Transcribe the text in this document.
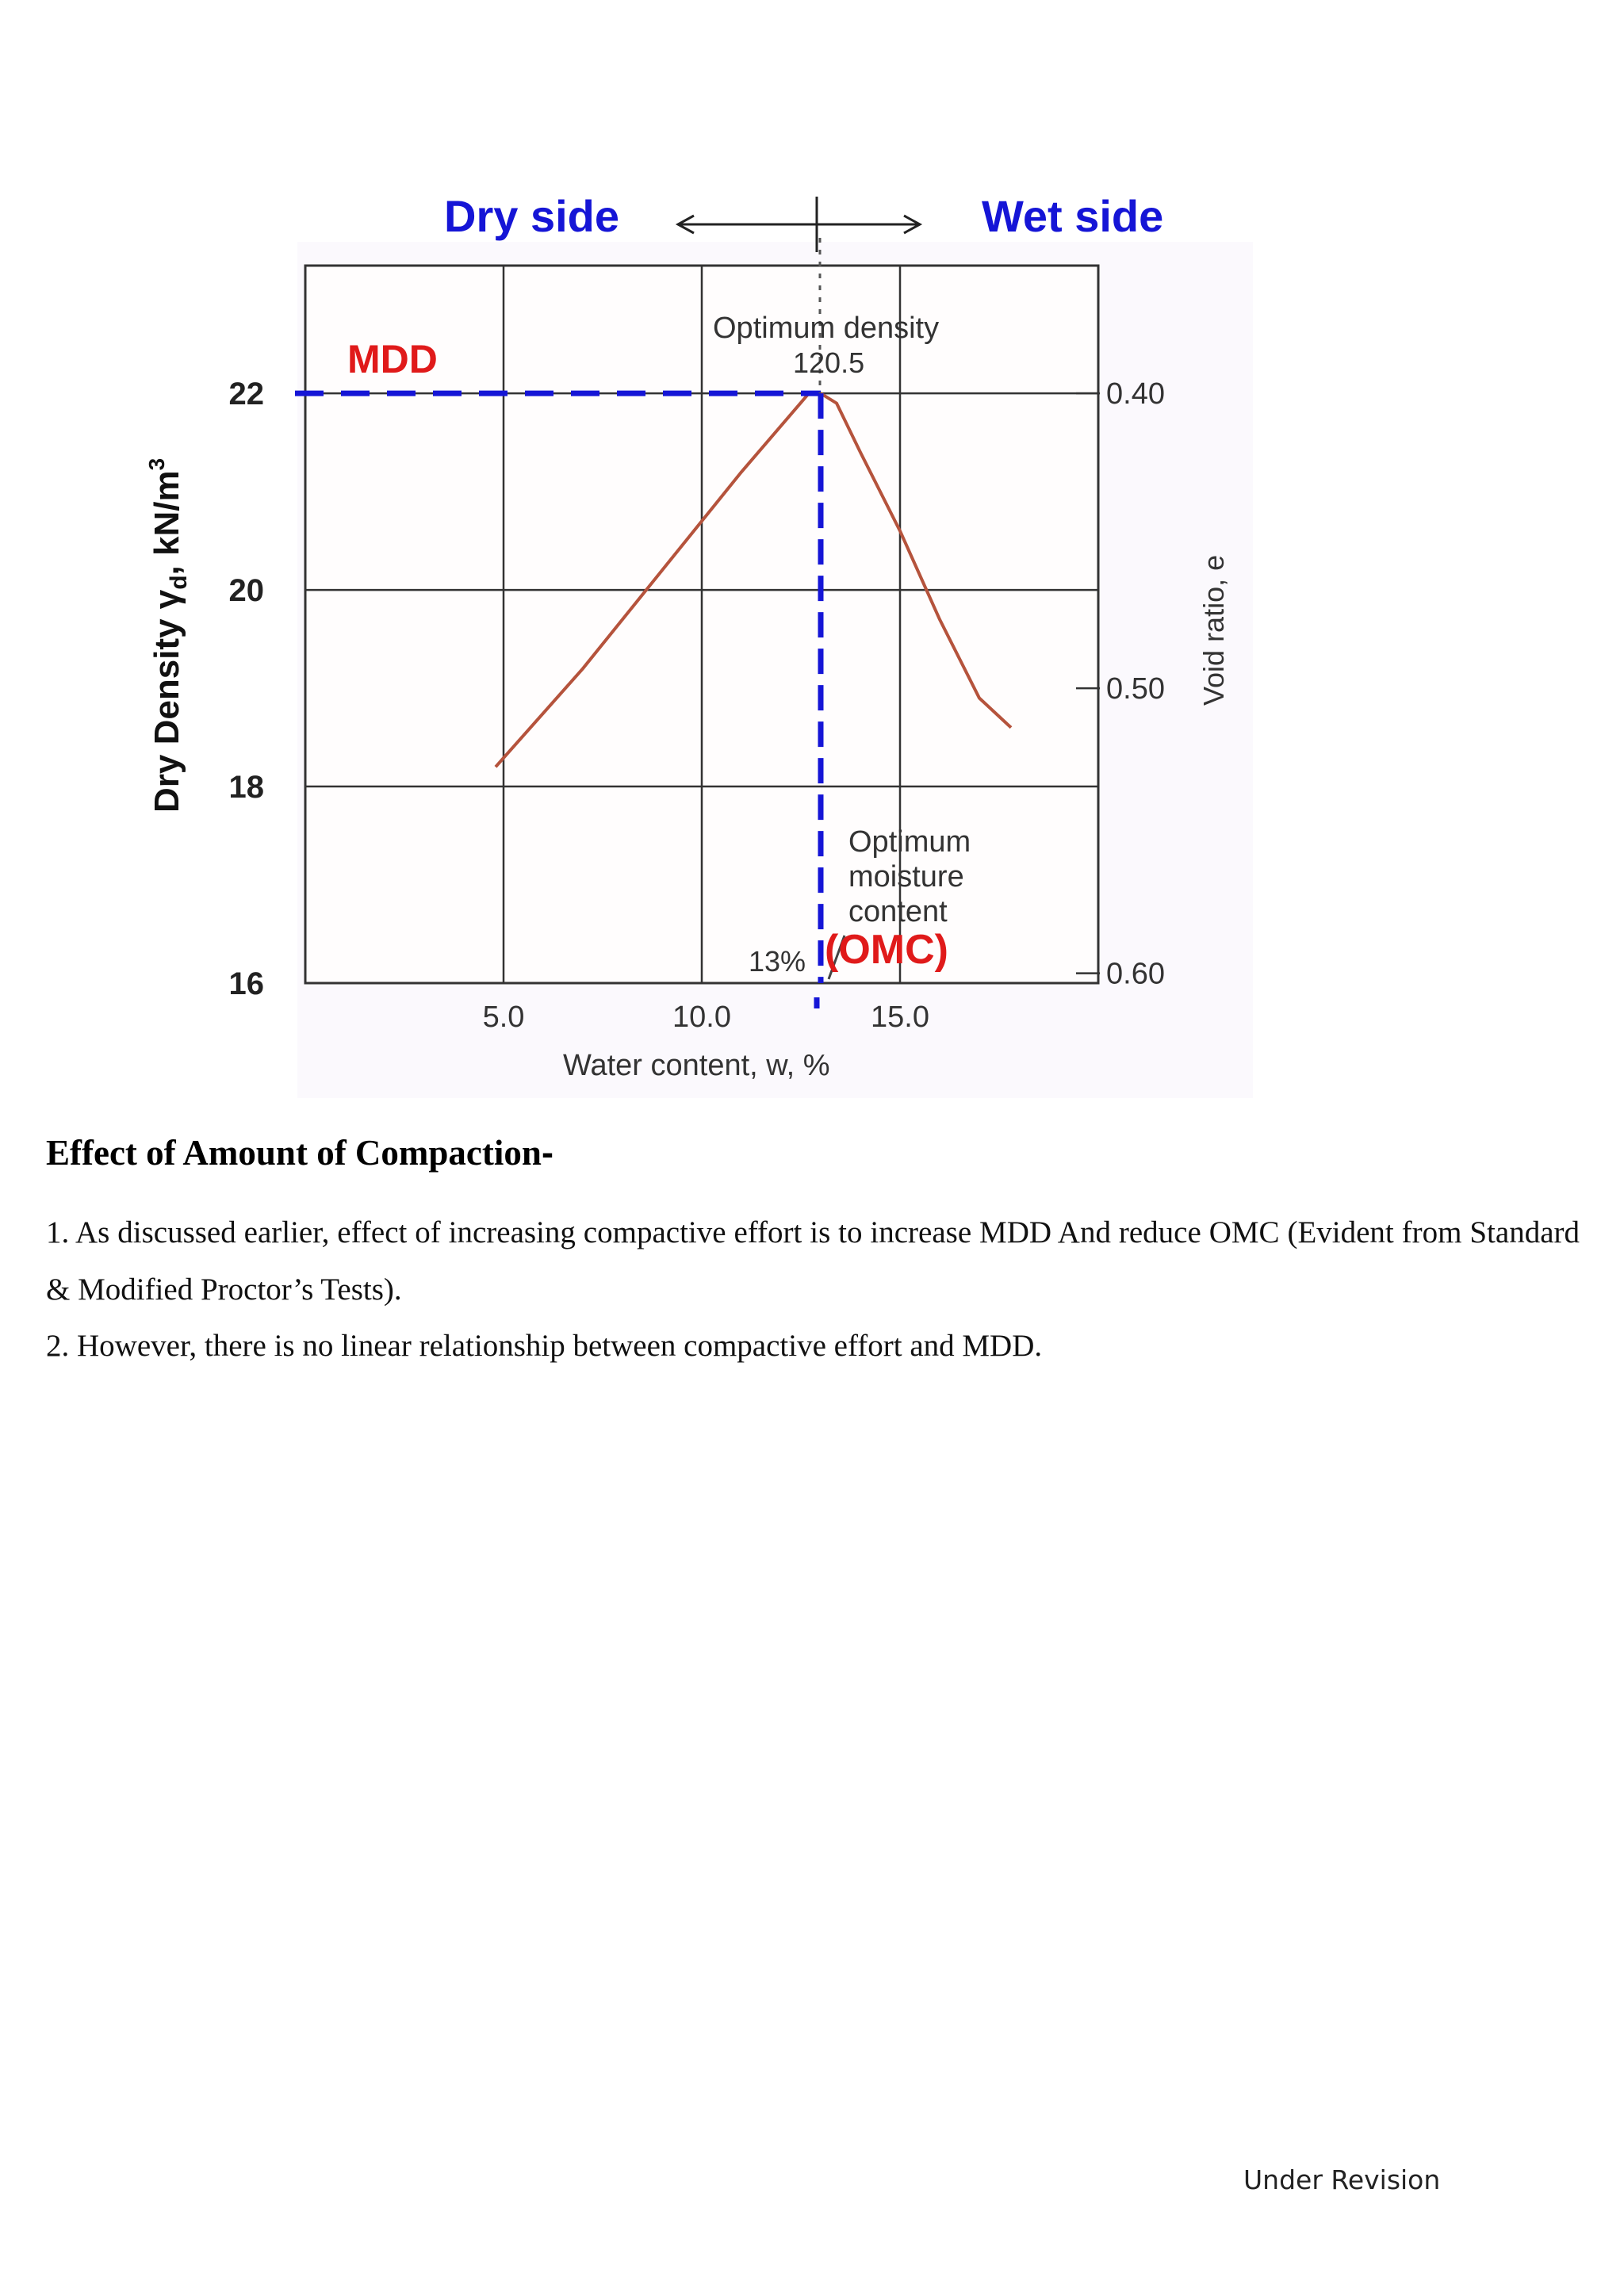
0.40
0.50
0.60
5.0	10.0	15.0
16
18
20
22
Dry side	Wet side
MDD
Optimum density
120.5
Optimum
moisture
content
(OMC)
13%
Water content, w, %
Dry Density $\gamma_d$, $kN/m^3$
Void ratio, e

Effect of Amount of Compaction-

1. As discussed earlier, effect of increasing compactive effort is to increase MDD And reduce OMC (Evident from Standard & Modified Proctor’s Tests).

2. However, there is no linear relationship between compactive effort and MDD.

Under Revision
